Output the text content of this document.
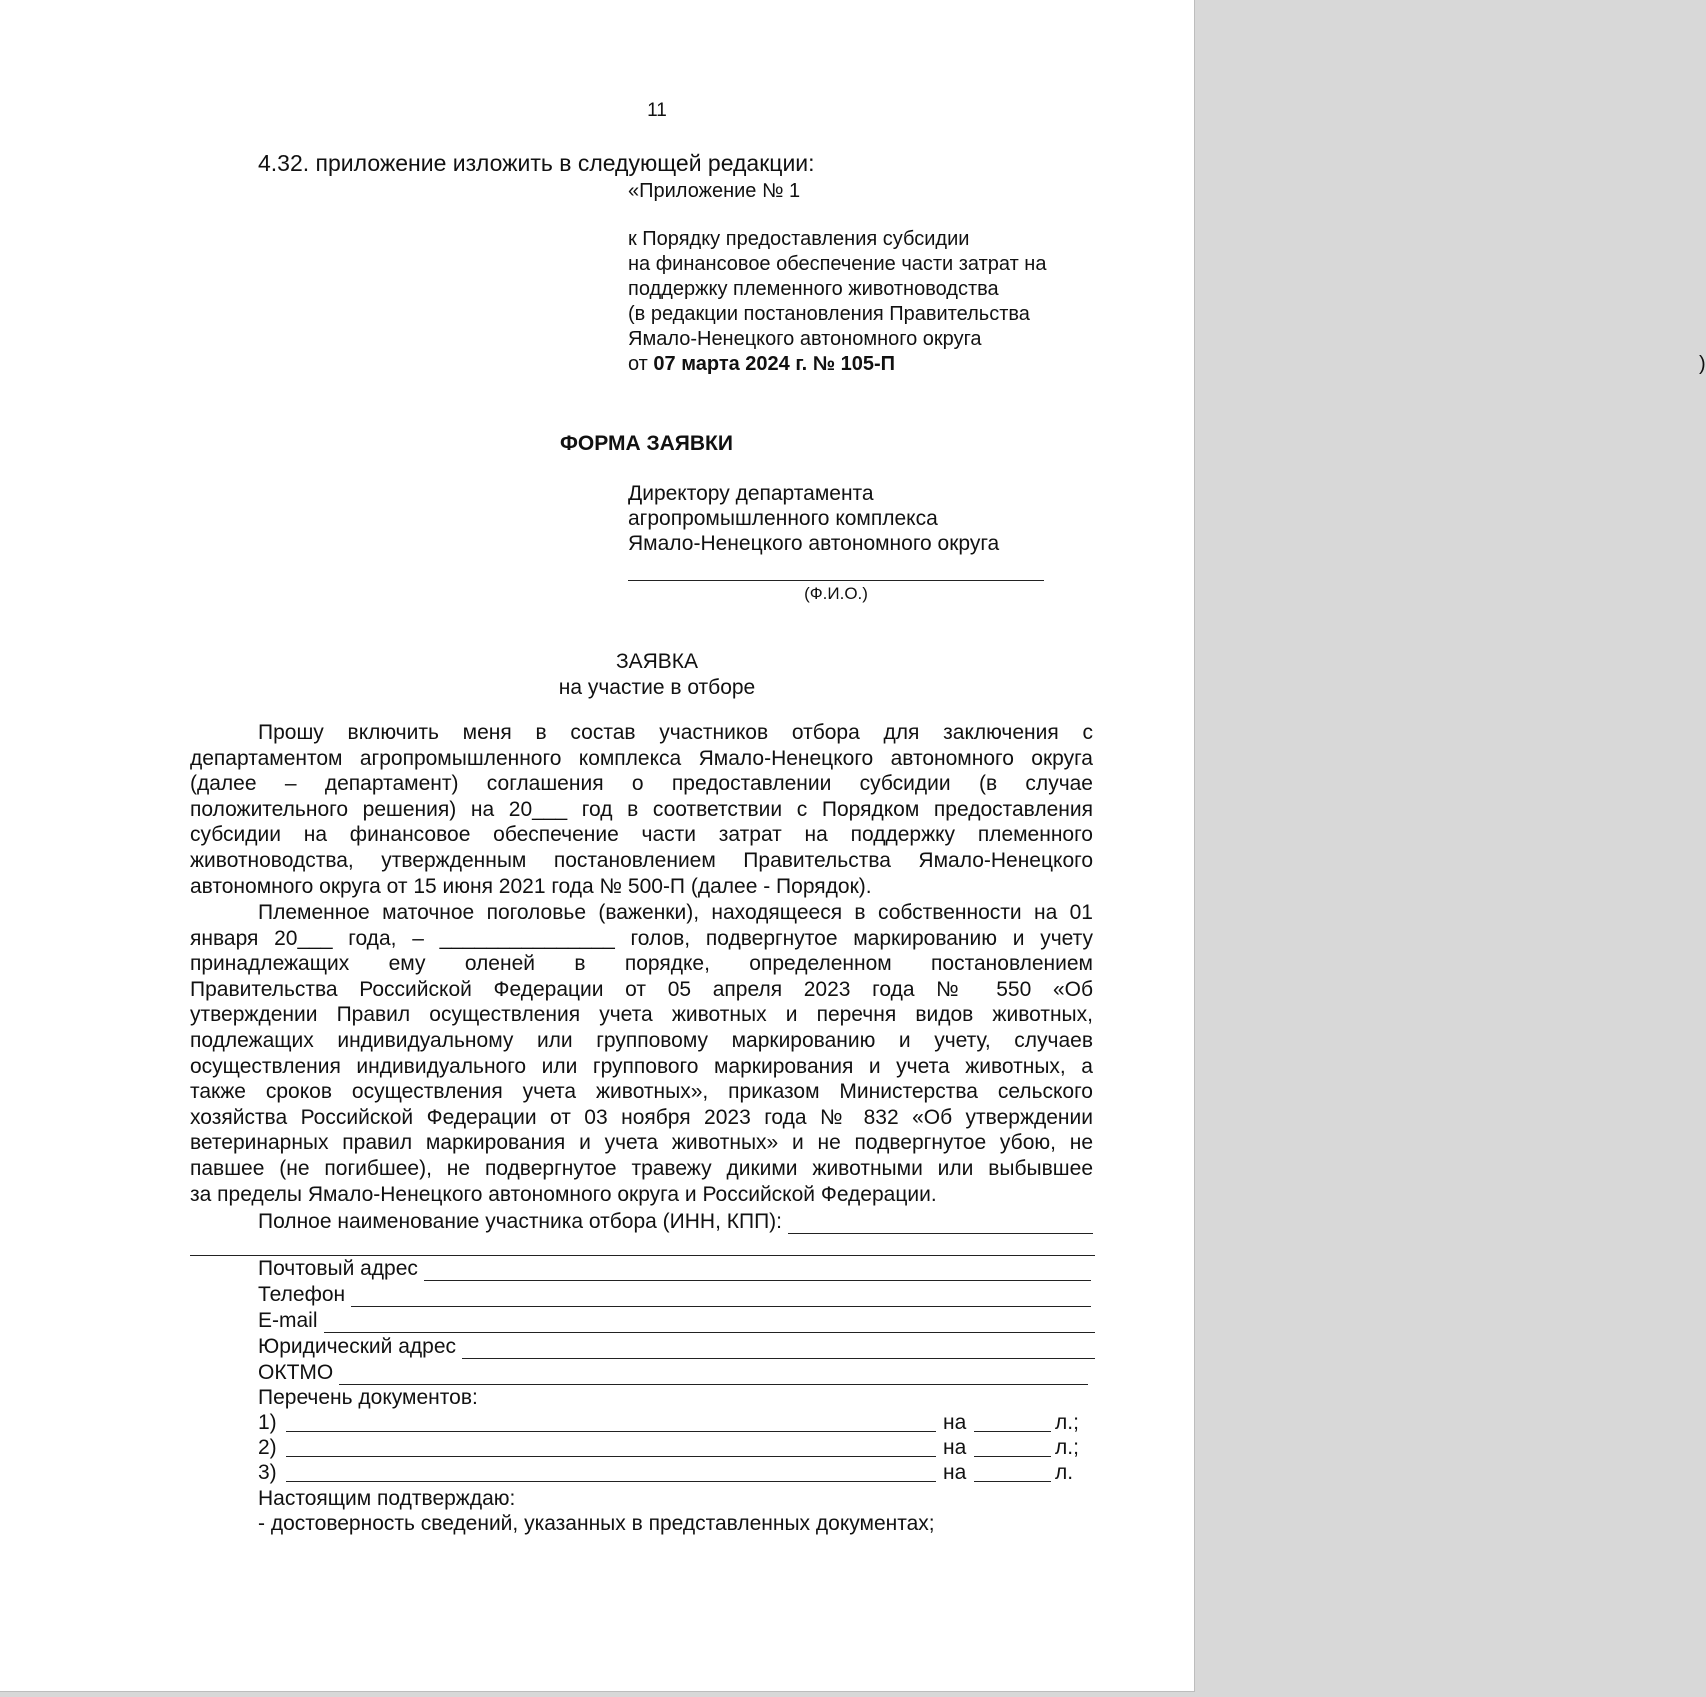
11
4.32. приложение изложить в следующей редакции:
«Приложение № 1
к Порядку предоставления субсидии
на финансовое обеспечение части затрат на
поддержку племенного животноводства
(в редакции постановления Правительства
Ямало-Ненецкого автономного округа
от 07 марта 2024 г. № 105-П	)
ФОРМА ЗАЯВКИ
Директору департамента
агропромышленного комплекса
Ямало-Ненецкого автономного округа
(Ф.И.О.)
ЗАЯВКА
на участие в отборе
Прошу включить меня в состав участников отбора для заключения с
департаментом агропромышленного комплекса Ямало-Ненецкого автономного округа
(далее – департамент) соглашения о предоставлении субсидии (в случае
положительного решения) на 20___ год в соответствии с Порядком предоставления
субсидии на финансовое обеспечение части затрат на поддержку племенного
животноводства, утвержденным постановлением Правительства Ямало-Ненецкого
автономного округа от 15 июня 2021 года № 500-П (далее - Порядок).
Племенное маточное поголовье (важенки), находящееся в собственности на 01
января 20___ года, – _______________ голов, подвергнутое маркированию и учету
принадлежащих ему оленей в порядке, определенном постановлением
Правительства Российской Федерации от 05 апреля 2023 года № 550 «Об
утверждении Правил осуществления учета животных и перечня видов животных,
подлежащих индивидуальному или групповому маркированию и учету, случаев
осуществления индивидуального или группового маркирования и учета животных, а
также сроков осуществления учета животных», приказом Министерства сельского
хозяйства Российской Федерации от 03 ноября 2023 года № 832 «Об утверждении
ветеринарных правил маркирования и учета животных» и не подвергнутое убою, не
павшее (не погибшее), не подвергнутое травежу дикими животными или выбывшее
за пределы Ямало-Ненецкого автономного округа и Российской Федерации.
Полное наименование участника отбора (ИНН, КПП):
Почтовый адрес
Телефон
E-mail
Юридический адрес
ОКТМО
Перечень документов:
1)	на	л.;
2)	на	л.;
3)	на	л.
Настоящим подтверждаю:
- достоверность сведений, указанных в представленных документах;
